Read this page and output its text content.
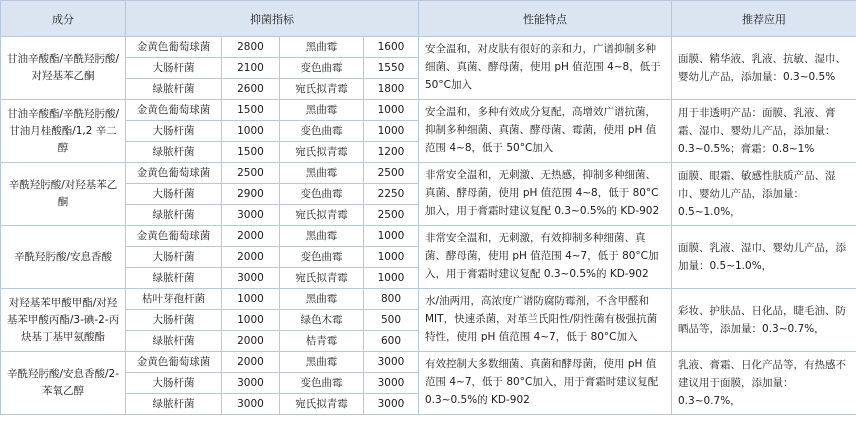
成分	抑菌指标				性能特点	推荐应用
甘油辛酸酯/辛酰羟肟酸/对羟基苯乙酮	金黄色葡萄球菌	2800	黑曲霉	1600	安全温和，对皮肤有很好的亲和力，广谱抑制多种细菌、真菌、酵母菌，使用 pH 值范围 4~8，低于 50°C加入	面膜、精华液、乳液、抗敏、湿巾、婴幼儿产品，添加量：0.3~0.5%
	大肠杆菌	2100	变色曲霉	1550		
	绿脓杆菌	2600	宛氏拟青霉	1800		
甘油辛酸酯/辛酰羟肟酸/甘油月桂酸酯/1,2 辛二醇	金黄色葡萄球菌	1500	黑曲霉	1000	安全温和，多种有效成分复配，高增效广谱抗菌，抑制多种细菌、真菌、酵母菌、霉菌，使用 pH 值范围 4~8，低于 50°C加入	用于非透明产品：面膜、乳液、膏霜、湿巾、婴幼儿产品，添加量：0.3~0.5%；膏霜：0.8~1%
	大肠杆菌	1000	变色曲霉	1000		
	绿脓杆菌	1500	宛氏拟青霉	1200		
辛酰羟肟酸/对羟基苯乙酮	金黄色葡萄球菌	2500	黑曲霉	2500	非常安全温和，无刺激、无热感，抑制多种细菌、真菌、酵母菌，使用 pH 值范围 4~8，低于 80°C加入，用于膏霜时建议复配 0.3~0.5%的 KD-902	面膜、眼霜、敏感性肤质产品、湿巾、婴幼儿产品，添加量：0.5~1.0%，
	大肠杆菌	2900	变色曲霉	2250		
	绿脓杆菌	3000	宛氏拟青霉	2500		
辛酰羟肟酸/安息香酸	金黄色葡萄球菌	2000	黑曲霉	1000	非常安全温和，无刺激，有效抑制多种细菌、真菌、酵母菌，使用 pH 值范围 4~7，低于 80°C加入，用于膏霜时建议复配 0.3~0.5%的 KD-902	面膜、乳液、湿巾、婴幼儿产品，添加量：0.5~1.0%，
	大肠杆菌	2000	变色曲霉	1000		
	绿脓杆菌	3000	宛氏拟青霉	1000		
对羟基苯甲酸甲酯/对羟基苯甲酸丙酯/3-碘-2-丙炔基丁基甲氨酸酯	枯叶芽孢杆菌	1000	黑曲霉	800	水/油两用，高浓度广谱防腐防霉剂，不含甲醛和 MIT，快速杀菌，对革兰氏阳性/阴性菌有极强抗菌特性，使用 pH 值范围 4~7，低于 80°C加入	彩妆、护肤品、日化品，睫毛油、防晒品等，添加量：0.3~0.7%，
	大肠杆菌	1000	绿色木霉	500		
	绿脓杆菌	2000	桔青霉	600		
辛酰羟肟酸/安息香酸/2-苯氧乙醇	金黄色葡萄球菌	2000	黑曲霉	3000	有效控制大多数细菌、真菌和酵母菌，使用 pH 值范围 4~7，低于 80°C加入，用于膏霜时建议复配 0.3~0.5%的 KD-902	乳液、膏霜、日化产品等，有热感不建议用于面膜，添加量：0.3~0.7%，
	大肠杆菌	3000	变色曲霉	3000		
	绿脓杆菌	3000	宛氏拟青霉	3000		
